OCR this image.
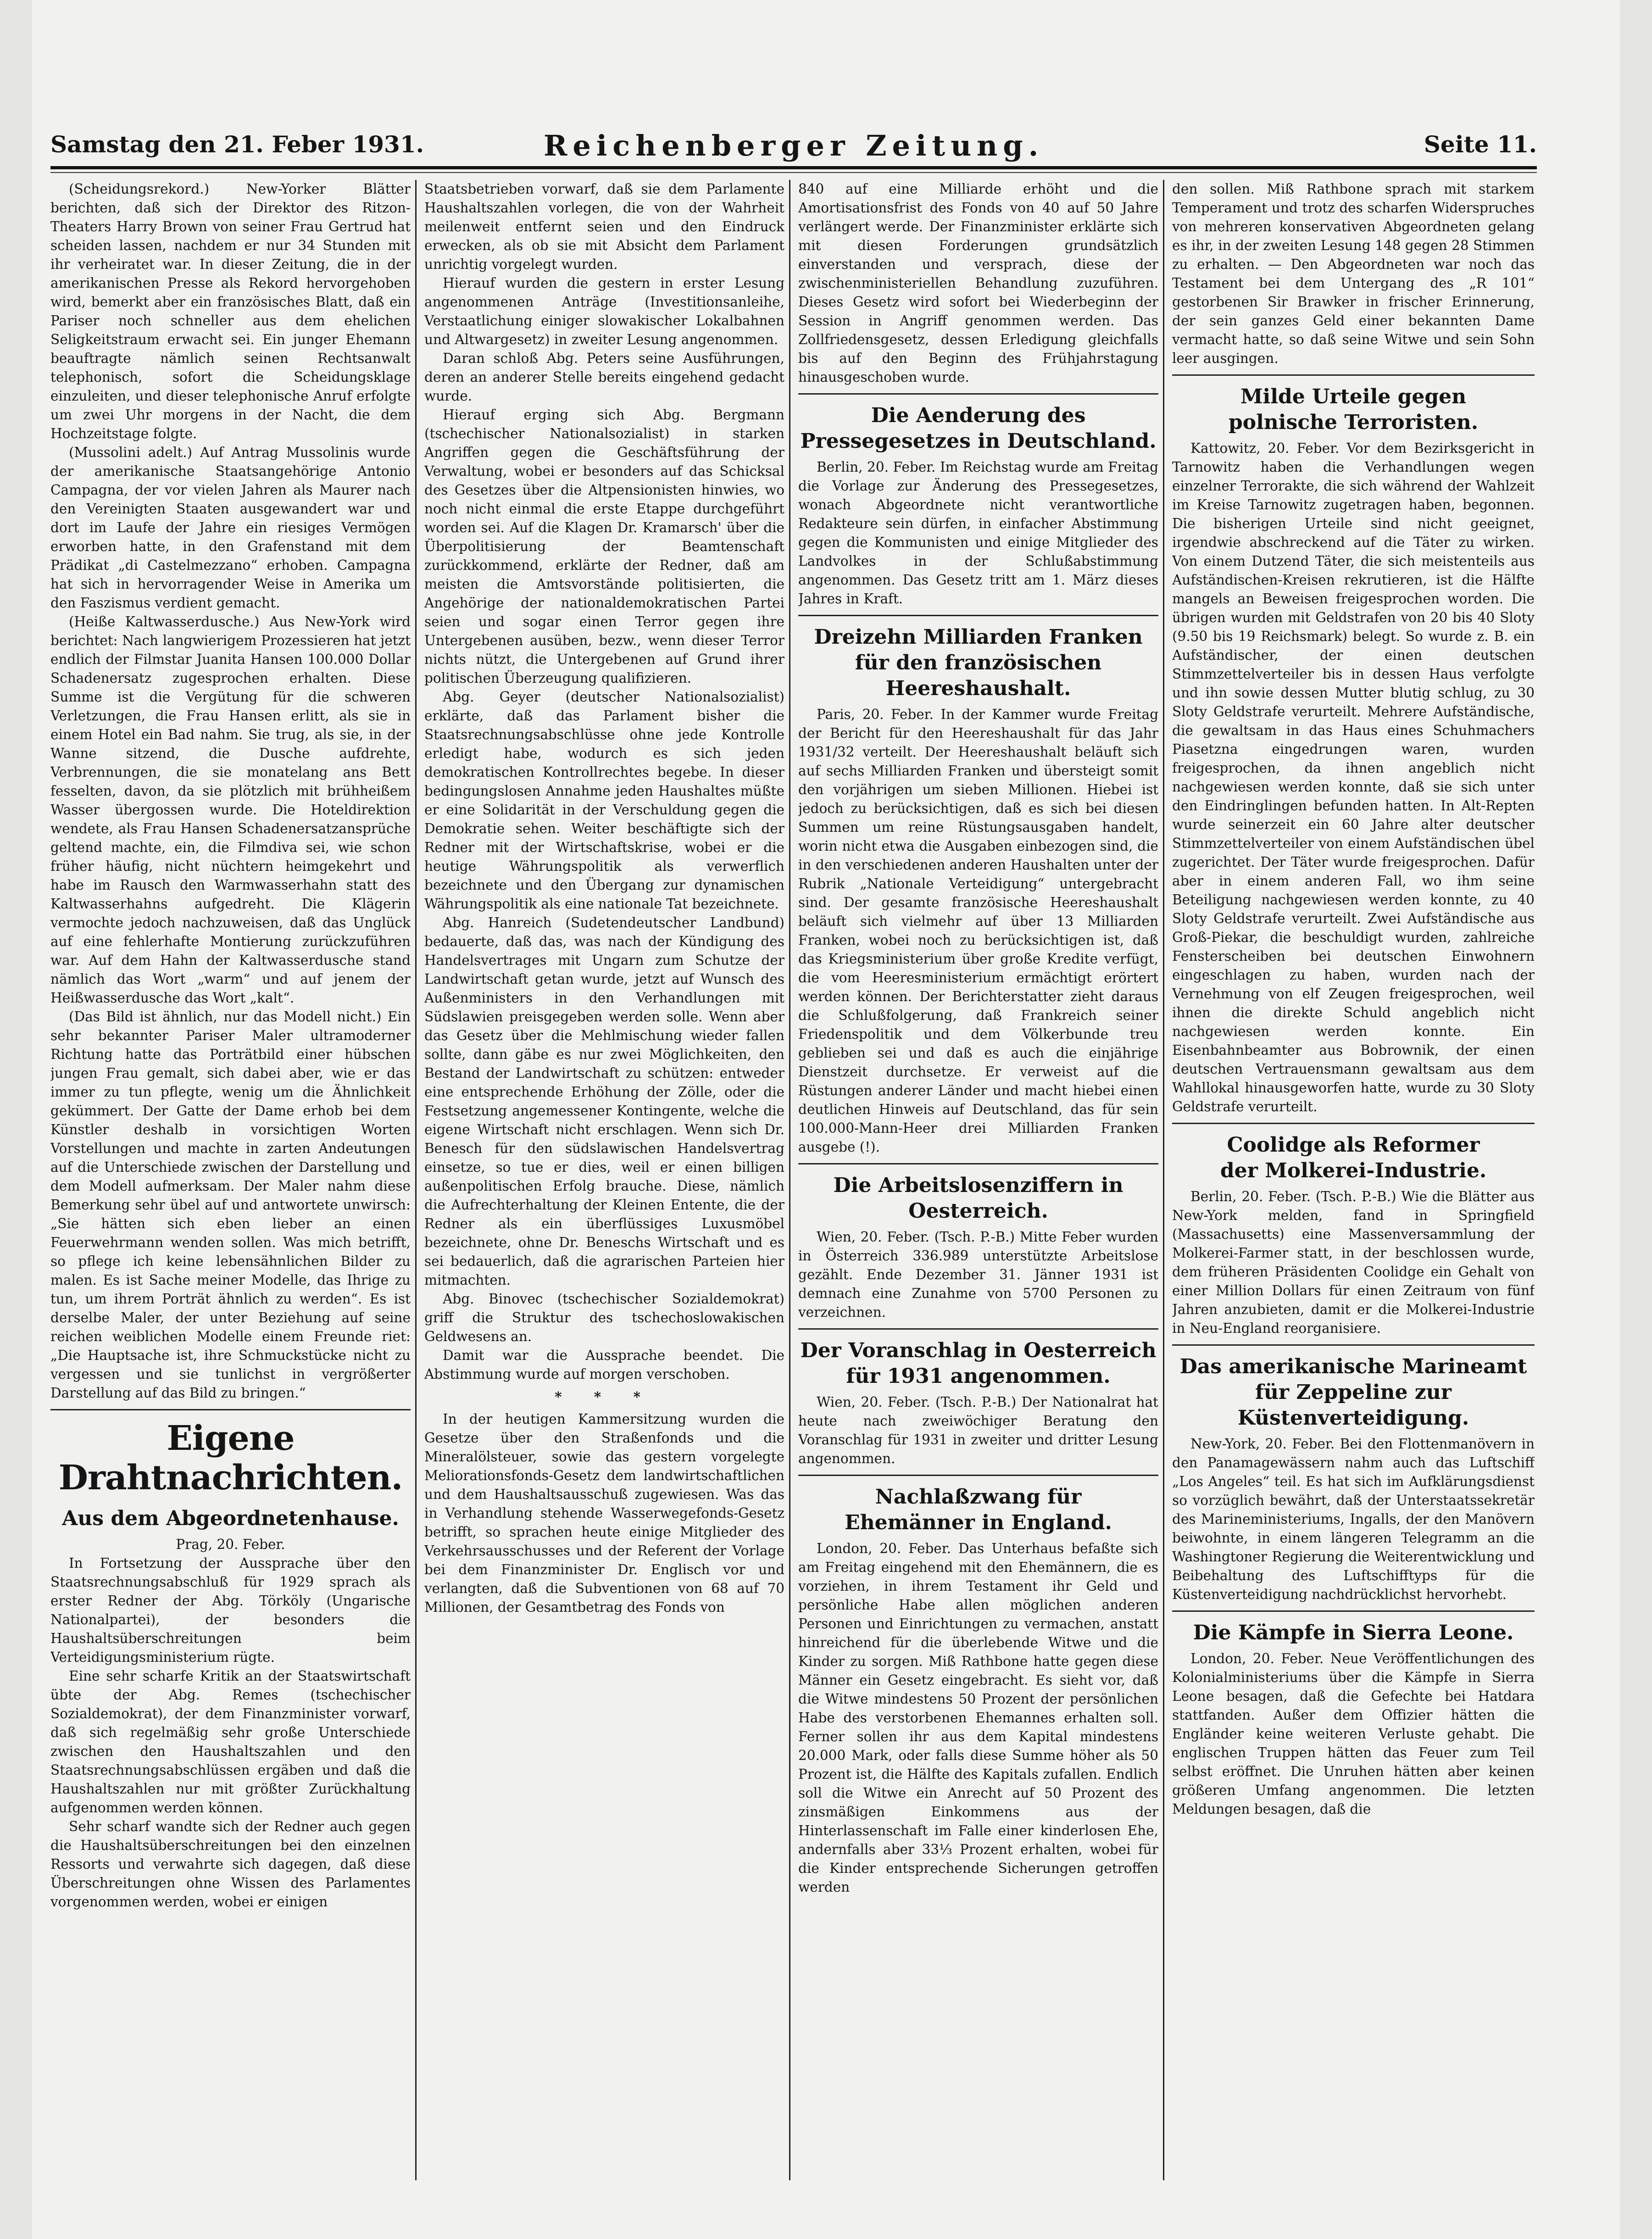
Samstag den 21. Feber 1931.	Reichenberger Zeitung.	Seite 11.

(Scheidungsrekord.) New-Yorker Blätter berichten, daß sich der Direktor des Ritzon-Theaters Harry Brown von seiner Frau Gertrud hat scheiden lassen, nachdem er nur 34 Stunden mit ihr verheiratet war. In dieser Zeitung, die in der amerikanischen Presse als Rekord hervorgehoben wird, bemerkt aber ein französisches Blatt, daß ein Pariser noch schneller aus dem ehelichen Seligkeitstraum erwacht sei. Ein junger Ehemann beauftragte nämlich seinen Rechtsanwalt telephonisch, sofort die Scheidungsklage einzuleiten, und dieser telephonische Anruf erfolgte um zwei Uhr morgens in der Nacht, die dem Hochzeitstage folgte.

(Mussolini adelt.) Auf Antrag Mussolinis wurde der amerikanische Staatsangehörige Antonio Campagna, der vor vielen Jahren als Maurer nach den Vereinigten Staaten ausgewandert war und dort im Laufe der Jahre ein riesiges Vermögen erworben hatte, in den Grafenstand mit dem Prädikat „di Castelmezzano“ erhoben. Campagna hat sich in hervorragender Weise in Amerika um den Faszismus verdient gemacht.

(Heiße Kaltwasserdusche.) Aus New-York wird berichtet: Nach langwierigem Prozessieren hat jetzt endlich der Filmstar Juanita Hansen 100.000 Dollar Schadenersatz zugesprochen erhalten. Diese Summe ist die Vergütung für die schweren Verletzungen, die Frau Hansen erlitt, als sie in einem Hotel ein Bad nahm. Sie trug, als sie, in der Wanne sitzend, die Dusche aufdrehte, Verbrennungen, die sie monatelang ans Bett fesselten, davon, da sie plötzlich mit brühheißem Wasser übergossen wurde. Die Hoteldirektion wendete, als Frau Hansen Schadenersatzansprüche geltend machte, ein, die Filmdiva sei, wie schon früher häufig, nicht nüchtern heimgekehrt und habe im Rausch den Warmwasserhahn statt des Kaltwasserhahns aufgedreht. Die Klägerin vermochte jedoch nachzuweisen, daß das Unglück auf eine fehlerhafte Montierung zurückzuführen war. Auf dem Hahn der Kaltwasserdusche stand nämlich das Wort „warm“ und auf jenem der Heißwasserdusche das Wort „kalt“.

(Das Bild ist ähnlich, nur das Modell nicht.) Ein sehr bekannter Pariser Maler ultramoderner Richtung hatte das Porträtbild einer hübschen jungen Frau gemalt, sich dabei aber, wie er das immer zu tun pflegte, wenig um die Ähnlichkeit gekümmert. Der Gatte der Dame erhob bei dem Künstler deshalb in vorsichtigen Worten Vorstellungen und machte in zarten Andeutungen auf die Unterschiede zwischen der Darstellung und dem Modell aufmerksam. Der Maler nahm diese Bemerkung sehr übel auf und antwortete unwirsch: „Sie hätten sich eben lieber an einen Feuerwehrmann wenden sollen. Was mich betrifft, so pflege ich keine lebensähnlichen Bilder zu malen. Es ist Sache meiner Modelle, das Ihrige zu tun, um ihrem Porträt ähnlich zu werden“. Es ist derselbe Maler, der unter Beziehung auf seine reichen weiblichen Modelle einem Freunde riet: „Die Hauptsache ist, ihre Schmuckstücke nicht zu vergessen und sie tunlichst in vergrößerter Darstellung auf das Bild zu bringen.“

Eigene Drahtnachrichten.
Aus dem Abgeordnetenhause.

Prag, 20. Feber.

In Fortsetzung der Aussprache über den Staatsrechnungsabschluß für 1929 sprach als erster Redner der Abg. Törköly (Ungarische Nationalpartei), der besonders die Haushaltsüberschreitungen beim Verteidigungsministerium rügte.

Eine sehr scharfe Kritik an der Staatswirtschaft übte der Abg. Remes (tschechischer Sozialdemokrat), der dem Finanzminister vorwarf, daß sich regelmäßig sehr große Unterschiede zwischen den Haushaltszahlen und den Staatsrechnungsabschlüssen ergäben und daß die Haushaltszahlen nur mit größter Zurückhaltung aufgenommen werden können.

Sehr scharf wandte sich der Redner auch gegen die Haushaltsüberschreitungen bei den einzelnen Ressorts und verwahrte sich dagegen, daß diese Überschreitungen ohne Wissen des Parlamentes vorgenommen werden, wobei er einigen

Staatsbetrieben vorwarf, daß sie dem Parlamente Haushaltszahlen vorlegen, die von der Wahrheit meilenweit entfernt seien und den Eindruck erwecken, als ob sie mit Absicht dem Parlament unrichtig vorgelegt wurden.

Hierauf wurden die gestern in erster Lesung angenommenen Anträge (Investitionsanleihe, Verstaatlichung einiger slowakischer Lokalbahnen und Altwargesetz) in zweiter Lesung angenommen.

Daran schloß Abg. Peters seine Ausführungen, deren an anderer Stelle bereits eingehend gedacht wurde.

Hierauf erging sich Abg. Bergmann (tschechischer Nationalsozialist) in starken Angriffen gegen die Geschäftsführung der Verwaltung, wobei er besonders auf das Schicksal des Gesetzes über die Altpensionisten hinwies, wo noch nicht einmal die erste Etappe durchgeführt worden sei. Auf die Klagen Dr. Kramarsch' über die Überpolitisierung der Beamtenschaft zurückkommend, erklärte der Redner, daß am meisten die Amtsvorstände politisierten, die Angehörige der nationaldemokratischen Partei seien und sogar einen Terror gegen ihre Untergebenen ausüben, bezw., wenn dieser Terror nichts nützt, die Untergebenen auf Grund ihrer politischen Überzeugung qualifizieren.

Abg. Geyer (deutscher Nationalsozialist) erklärte, daß das Parlament bisher die Staatsrechnungsabschlüsse ohne jede Kontrolle erledigt habe, wodurch es sich jeden demokratischen Kontrollrechtes begebe. In dieser bedingungslosen Annahme jeden Haushaltes müßte er eine Solidarität in der Verschuldung gegen die Demokratie sehen. Weiter beschäftigte sich der Redner mit der Wirtschaftskrise, wobei er die heutige Währungspolitik als verwerflich bezeichnete und den Übergang zur dynamischen Währungspolitik als eine nationale Tat bezeichnete.

Abg. Hanreich (Sudetendeutscher Landbund) bedauerte, daß das, was nach der Kündigung des Handelsvertrages mit Ungarn zum Schutze der Landwirtschaft getan wurde, jetzt auf Wunsch des Außenministers in den Verhandlungen mit Südslawien preisgegeben werden solle. Wenn aber das Gesetz über die Mehlmischung wieder fallen sollte, dann gäbe es nur zwei Möglichkeiten, den Bestand der Landwirtschaft zu schützen: entweder eine entsprechende Erhöhung der Zölle, oder die Festsetzung angemessener Kontingente, welche die eigene Wirtschaft nicht erschlagen. Wenn sich Dr. Benesch für den südslawischen Handelsvertrag einsetze, so tue er dies, weil er einen billigen außenpolitischen Erfolg brauche. Diese, nämlich die Aufrechterhaltung der Kleinen Entente, die der Redner als ein überflüssiges Luxusmöbel bezeichnete, ohne Dr. Beneschs Wirtschaft und es sei bedauerlich, daß die agrarischen Parteien hier mitmachten.

Abg. Binovec (tschechischer Sozialdemokrat) griff die Struktur des tschechoslowakischen Geldwesens an.

Damit war die Aussprache beendet. Die Abstimmung wurde auf morgen verschoben.

* * *

In der heutigen Kammersitzung wurden die Gesetze über den Straßenfonds und die Mineralölsteuer, sowie das gestern vorgelegte Meliorationsfonds-Gesetz dem landwirtschaftlichen und dem Haushaltsausschuß zugewiesen. Was das in Verhandlung stehende Wasserwegefonds-Gesetz betrifft, so sprachen heute einige Mitglieder des Verkehrsausschusses und der Referent der Vorlage bei dem Finanzminister Dr. Englisch vor und verlangten, daß die Subventionen von 68 auf 70 Millionen, der Gesamtbetrag des Fonds von

840 auf eine Milliarde erhöht und die Amortisationsfrist des Fonds von 40 auf 50 Jahre verlängert werde. Der Finanzminister erklärte sich mit diesen Forderungen grundsätzlich einverstanden und versprach, diese der zwischenministeriellen Behandlung zuzuführen. Dieses Gesetz wird sofort bei Wiederbeginn der Session in Angriff genommen werden. Das Zollfriedensgesetz, dessen Erledigung gleichfalls bis auf den Beginn des Frühjahrstagung hinausgeschoben wurde.

Die Aenderung des Pressegesetzes in Deutschland.

Berlin, 20. Feber. Im Reichstag wurde am Freitag die Vorlage zur Änderung des Pressegesetzes, wonach Abgeordnete nicht verantwortliche Redakteure sein dürfen, in einfacher Abstimmung gegen die Kommunisten und einige Mitglieder des Landvolkes in der Schlußabstimmung angenommen. Das Gesetz tritt am 1. März dieses Jahres in Kraft.

Dreizehn Milliarden Franken für den französischen Heereshaushalt.

Paris, 20. Feber. In der Kammer wurde Freitag der Bericht für den Heereshaushalt für das Jahr 1931/32 verteilt. Der Heereshaushalt beläuft sich auf sechs Milliarden Franken und übersteigt somit den vorjährigen um sieben Millionen. Hiebei ist jedoch zu berücksichtigen, daß es sich bei diesen Summen um reine Rüstungsausgaben handelt, worin nicht etwa die Ausgaben einbezogen sind, die in den verschiedenen anderen Haushalten unter der Rubrik „Nationale Verteidigung“ untergebracht sind. Der gesamte französische Heereshaushalt beläuft sich vielmehr auf über 13 Milliarden Franken, wobei noch zu berücksichtigen ist, daß das Kriegsministerium über große Kredite verfügt, die vom Heeresministerium ermächtigt erörtert werden können. Der Berichterstatter zieht daraus die Schlußfolgerung, daß Frankreich seiner Friedenspolitik und dem Völkerbunde treu geblieben sei und daß es auch die einjährige Dienstzeit durchsetze. Er verweist auf die Rüstungen anderer Länder und macht hiebei einen deutlichen Hinweis auf Deutschland, das für sein 100.000-Mann-Heer drei Milliarden Franken ausgebe (!).

Die Arbeitslosenziffern in Oesterreich.

Wien, 20. Feber. (Tsch. P.-B.) Mitte Feber wurden in Österreich 336.989 unterstützte Arbeitslose gezählt. Ende Dezember 31. Jänner 1931 ist demnach eine Zunahme von 5700 Personen zu verzeichnen.

Der Voranschlag in Oesterreich für 1931 angenommen.

Wien, 20. Feber. (Tsch. P.-B.) Der Nationalrat hat heute nach zweiwöchiger Beratung den Voranschlag für 1931 in zweiter und dritter Lesung angenommen.

Nachlaßzwang für
Ehemänner in England.

London, 20. Feber. Das Unterhaus befaßte sich am Freitag eingehend mit den Ehemännern, die es vorziehen, in ihrem Testament ihr Geld und persönliche Habe allen möglichen anderen Personen und Einrichtungen zu vermachen, anstatt hinreichend für die überlebende Witwe und die Kinder zu sorgen. Miß Rathbone hatte gegen diese Männer ein Gesetz eingebracht. Es sieht vor, daß die Witwe mindestens 50 Prozent der persönlichen Habe des verstorbenen Ehemannes erhalten soll. Ferner sollen ihr aus dem Kapital mindestens 20.000 Mark, oder falls diese Summe höher als 50 Prozent ist, die Hälfte des Kapitals zufallen. Endlich soll die Witwe ein Anrecht auf 50 Prozent des zinsmäßigen Einkommens aus der Hinterlassenschaft im Falle einer kinderlosen Ehe, andernfalls aber 33⅓ Prozent erhalten, wobei für die Kinder entsprechende Sicherungen getroffen werden

den sollen. Miß Rathbone sprach mit starkem Temperament und trotz des scharfen Widerspruches von mehreren konservativen Abgeordneten gelang es ihr, in der zweiten Lesung 148 gegen 28 Stimmen zu erhalten. — Den Abgeordneten war noch das Testament bei dem Untergang des „R 101“ gestorbenen Sir Brawker in frischer Erinnerung, der sein ganzes Geld einer bekannten Dame vermacht hatte, so daß seine Witwe und sein Sohn leer ausgingen.

Milde Urteile gegen
polnische Terroristen.

Kattowitz, 20. Feber. Vor dem Bezirksgericht in Tarnowitz haben die Verhandlungen wegen einzelner Terrorakte, die sich während der Wahlzeit im Kreise Tarnowitz zugetragen haben, begonnen. Die bisherigen Urteile sind nicht geeignet, irgendwie abschreckend auf die Täter zu wirken. Von einem Dutzend Täter, die sich meistenteils aus Aufständischen-Kreisen rekrutieren, ist die Hälfte mangels an Beweisen freigesprochen worden. Die übrigen wurden mit Geldstrafen von 20 bis 40 Sloty (9.50 bis 19 Reichsmark) belegt. So wurde z. B. ein Aufständischer, der einen deutschen Stimmzettelverteiler bis in dessen Haus verfolgte und ihn sowie dessen Mutter blutig schlug, zu 30 Sloty Geldstrafe verurteilt. Mehrere Aufständische, die gewaltsam in das Haus eines Schuhmachers Piasetzna eingedrungen waren, wurden freigesprochen, da ihnen angeblich nicht nachgewiesen werden konnte, daß sie sich unter den Eindringlingen befunden hatten. In Alt-Repten wurde seinerzeit ein 60 Jahre alter deutscher Stimmzettelverteiler von einem Aufständischen übel zugerichtet. Der Täter wurde freigesprochen. Dafür aber in einem anderen Fall, wo ihm seine Beteiligung nachgewiesen werden konnte, zu 40 Sloty Geldstrafe verurteilt. Zwei Aufständische aus Groß-Piekar, die beschuldigt wurden, zahlreiche Fensterscheiben bei deutschen Einwohnern eingeschlagen zu haben, wurden nach der Vernehmung von elf Zeugen freigesprochen, weil ihnen die direkte Schuld angeblich nicht nachgewiesen werden konnte. Ein Eisenbahnbeamter aus Bobrownik, der einen deutschen Vertrauensmann gewaltsam aus dem Wahllokal hinausgeworfen hatte, wurde zu 30 Sloty Geldstrafe verurteilt.

Coolidge als Reformer
der Molkerei-Industrie.

Berlin, 20. Feber. (Tsch. P.-B.) Wie die Blätter aus New-York melden, fand in Springfield (Massachusetts) eine Massenversammlung der Molkerei-Farmer statt, in der beschlossen wurde, dem früheren Präsidenten Coolidge ein Gehalt von einer Million Dollars für einen Zeitraum von fünf Jahren anzubieten, damit er die Molkerei-Industrie in Neu-England reorganisiere.

Das amerikanische Marineamt für Zeppeline zur Küstenverteidigung.

New-York, 20. Feber. Bei den Flottenmanövern in den Panamagewässern nahm auch das Luftschiff „Los Angeles“ teil. Es hat sich im Aufklärungsdienst so vorzüglich bewährt, daß der Unterstaatssekretär des Marineministeriums, Ingalls, der den Manövern beiwohnte, in einem längeren Telegramm an die Washingtoner Regierung die Weiterentwicklung und Beibehaltung des Luftschifftyps für die Küstenverteidigung nachdrücklichst hervorhebt.

Die Kämpfe in Sierra Leone.

London, 20. Feber. Neue Veröffentlichungen des Kolonialministeriums über die Kämpfe in Sierra Leone besagen, daß die Gefechte bei Hatdara stattfanden. Außer dem Offizier hätten die Engländer keine weiteren Verluste gehabt. Die englischen Truppen hätten das Feuer zum Teil selbst eröffnet. Die Unruhen hätten aber keinen größeren Umfang angenommen. Die letzten Meldungen besagen, daß die
